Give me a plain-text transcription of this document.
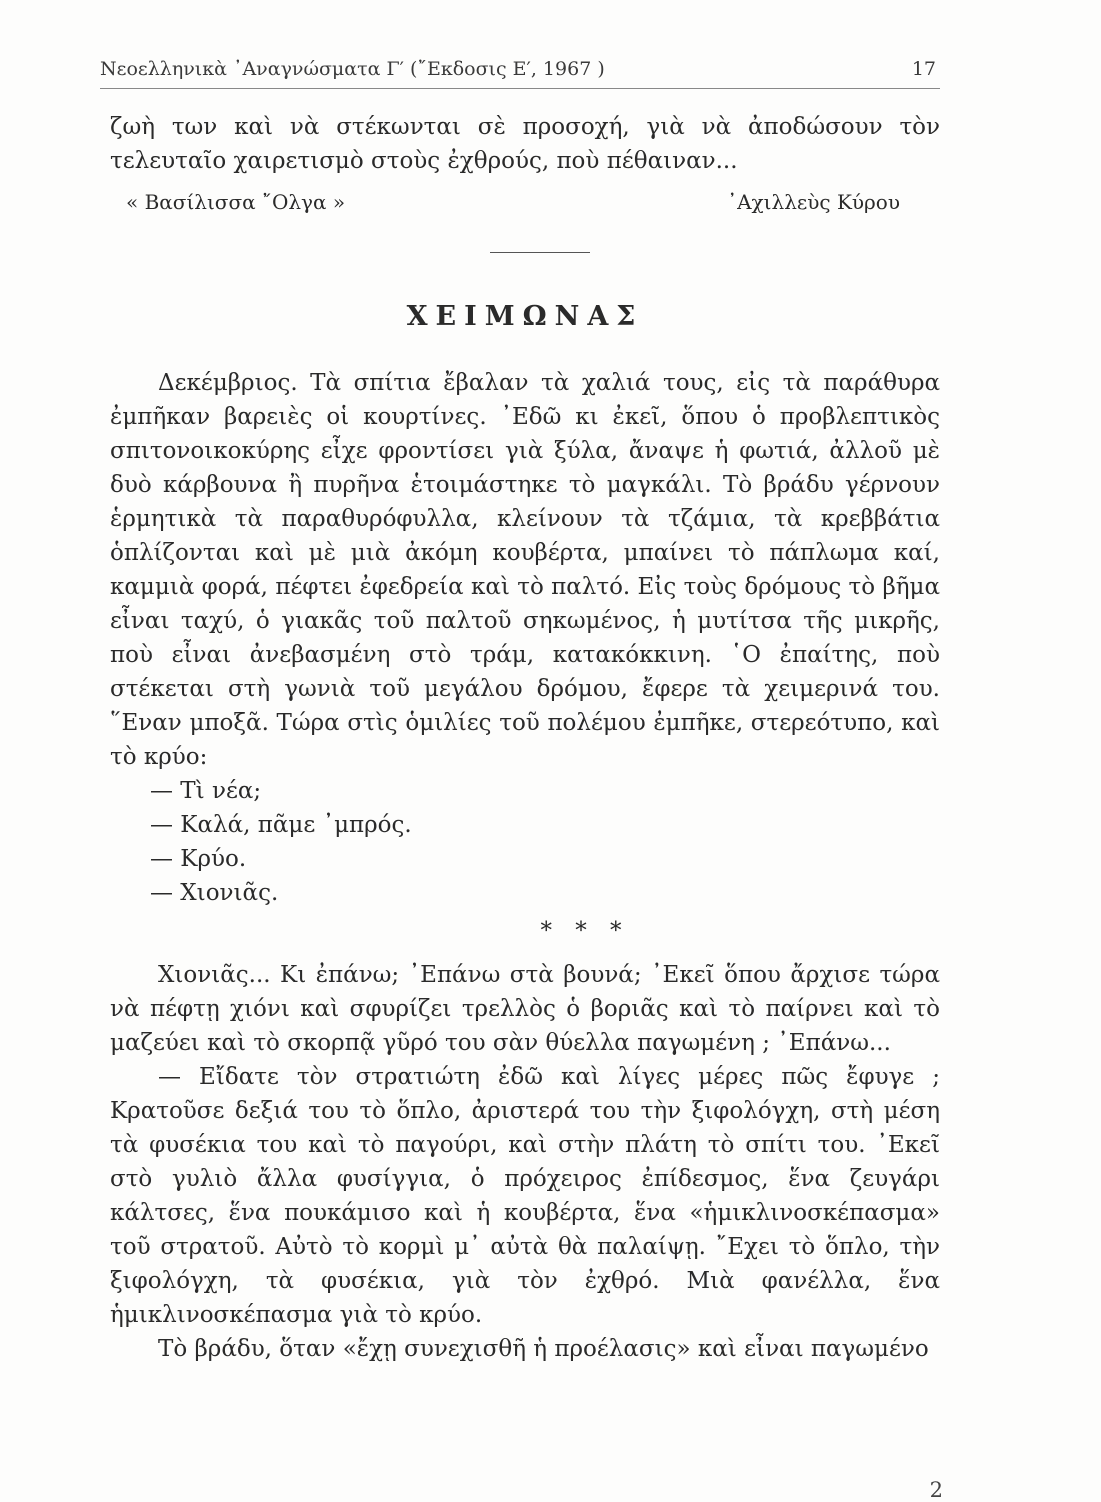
Νεοελληνικὰ ᾽Αναγνώσματα Γ′ (῎Εκδοσις Ε′, 1967 )	17

ζωὴ των καὶ νὰ στέκωνται σὲ προσοχή, γιὰ νὰ ἀποδώσουν τὸν τελευταῖο χαιρετισμὸ στοὺς ἐχθρούς, ποὺ πέθαιναν...

« Βασίλισσα ῎Ολγα »	᾽Αχιλλεὺς Κύρου
ΧΕΙΜΩΝΑΣ

Δεκέμβριος. Τὰ σπίτια ἔβαλαν τὰ χαλιά τους, εἰς τὰ παράθυρα ἐμπῆκαν βαρειὲς οἱ κουρτίνες. ᾽Εδῶ κι ἐκεῖ, ὅπου ὁ προβλεπτικὸς σπιτονοικοκύρης εἶχε φροντίσει γιὰ ξύλα, ἄναψε ἡ φωτιά, ἀλλοῦ μὲ δυὸ κάρβουνα ἢ πυρῆνα ἑτοιμάστηκε τὸ μαγκάλι. Τὸ βράδυ γέρνουν ἑρμητικὰ τὰ παραθυρόφυλλα, κλείνουν τὰ τζάμια, τὰ κρεββάτια ὁπλίζονται καὶ μὲ μιὰ ἀκόμη κουβέρτα, μπαίνει τὸ πάπλωμα καί, καμμιὰ φορά, πέφτει ἐφεδρεία καὶ τὸ παλτό. Εἰς τοὺς δρόμους τὸ βῆμα εἶναι ταχύ, ὁ γιακᾶς τοῦ παλτοῦ σηκωμένος, ἡ μυτίτσα τῆς μικρῆς, ποὺ εἶναι ἀνεβασμένη στὸ τράμ, κατακόκκινη. ῾Ο ἐπαίτης, ποὺ στέκεται στὴ γωνιὰ τοῦ μεγάλου δρόμου, ἔφερε τὰ χειμερινά του. ῞Εναν μποξᾶ. Τώρα στὶς ὁμιλίες τοῦ πολέμου ἐμπῆκε, στερεότυπο, καὶ τὸ κρύο:

— Τὶ νέα;
— Καλά, πᾶμε ᾽μπρός.
— Κρύο.
— Χιονιᾶς.
* * *

Χιονιᾶς... Κι ἐπάνω; ᾽Επάνω στὰ βουνά; ᾽Εκεῖ ὅπου ἄρχισε τώρα νὰ πέφτῃ χιόνι καὶ σφυρίζει τρελλὸς ὁ βοριᾶς καὶ τὸ παίρνει καὶ τὸ μαζεύει καὶ τὸ σκορπᾷ γῦρό του σὰν θύελλα παγωμένη ; ᾽Επάνω...

— Εἴδατε τὸν στρατιώτη ἐδῶ καὶ λίγες μέρες πῶς ἔφυγε ; Κρατοῦσε δεξιά του τὸ ὅπλο, ἀριστερά του τὴν ξιφολόγχη, στὴ μέση τὰ φυσέκια του καὶ τὸ παγούρι, καὶ στὴν πλάτη τὸ σπίτι του. ᾽Εκεῖ στὸ γυλιὸ ἄλλα φυσίγγια, ὁ πρόχειρος ἐπίδεσμος, ἕνα ζευγάρι κάλτσες, ἕνα πουκάμισο καὶ ἡ κουβέρτα, ἕνα «ἡμικλινοσκέπασμα» τοῦ στρατοῦ. Αὐτὸ τὸ κορμὶ μ᾽ αὐτὰ θὰ παλαίψῃ. ῎Εχει τὸ ὅπλο, τὴν ξιφολόγχη, τὰ φυσέκια, γιὰ τὸν ἐχθρό. Μιὰ φανέλλα, ἕνα ἡμικλινοσκέπασμα γιὰ τὸ κρύο.

Τὸ βράδυ, ὅταν «ἔχῃ συνεχισθῆ ἡ προέλασις» καὶ εἶναι παγωμένο

2
